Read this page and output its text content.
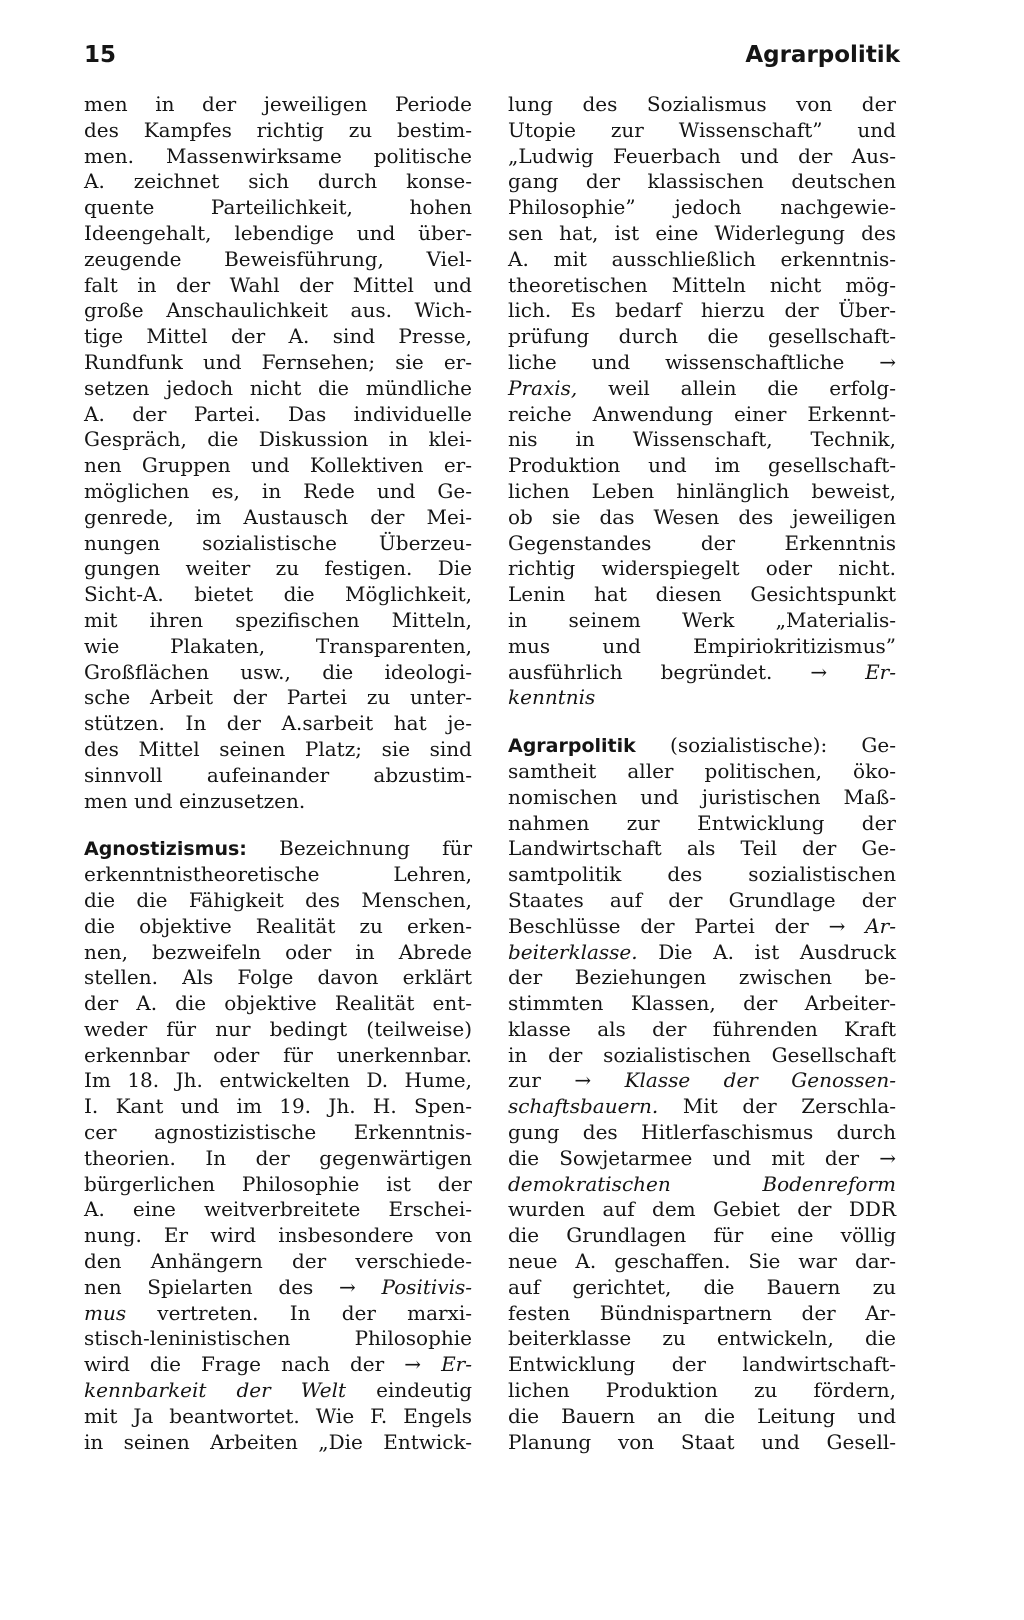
15	Agrarpolitik
men in der jeweiligen Periode
des Kampfes richtig zu bestim-
men. Massenwirksame politische
A. zeichnet sich durch konse-
quente Parteilichkeit, hohen
Ideengehalt, lebendige und über-
zeugende Beweisführung, Viel-
falt in der Wahl der Mittel und
große Anschaulichkeit aus. Wich-
tige Mittel der A. sind Presse,
Rundfunk und Fernsehen; sie er-
setzen jedoch nicht die mündliche
A. der Partei. Das individuelle
Gespräch, die Diskussion in klei-
nen Gruppen und Kollektiven er-
möglichen es, in Rede und Ge-
genrede, im Austausch der Mei-
nungen sozialistische Überzeu-
gungen weiter zu festigen. Die
Sicht-A. bietet die Möglichkeit,
mit ihren spezifischen Mitteln,
wie Plakaten, Transparenten,
Großflächen usw., die ideologi-
sche Arbeit der Partei zu unter-
stützen. In der A.sarbeit hat je-
des Mittel seinen Platz; sie sind
sinnvoll aufeinander abzustim-
men und einzusetzen.
Agnostizismus: Bezeichnung für
erkenntnistheoretische Lehren,
die die Fähigkeit des Menschen,
die objektive Realität zu erken-
nen, bezweifeln oder in Abrede
stellen. Als Folge davon erklärt
der A. die objektive Realität ent-
weder für nur bedingt (teilweise)
erkennbar oder für unerkennbar.
Im 18. Jh. entwickelten D. Hume,
I. Kant und im 19. Jh. H. Spen-
cer agnostizistische Erkenntnis-
theorien. In der gegenwärtigen
bürgerlichen Philosophie ist der
A. eine weitverbreitete Erschei-
nung. Er wird insbesondere von
den Anhängern der verschiede-
nen Spielarten des → Positivis-
mus vertreten. In der marxi-
stisch-leninistischen Philosophie
wird die Frage nach der → Er-
kennbarkeit der Welt eindeutig
mit Ja beantwortet. Wie F. Engels
in seinen Arbeiten „Die Entwick-
lung des Sozialismus von der
Utopie zur Wissenschaft” und
„Ludwig Feuerbach und der Aus-
gang der klassischen deutschen
Philosophie” jedoch nachgewie-
sen hat, ist eine Widerlegung des
A. mit ausschließlich erkenntnis-
theoretischen Mitteln nicht mög-
lich. Es bedarf hierzu der Über-
prüfung durch die gesellschaft-
liche und wissenschaftliche →
Praxis, weil allein die erfolg-
reiche Anwendung einer Erkennt-
nis in Wissenschaft, Technik,
Produktion und im gesellschaft-
lichen Leben hinlänglich beweist,
ob sie das Wesen des jeweiligen
Gegenstandes der Erkenntnis
richtig widerspiegelt oder nicht.
Lenin hat diesen Gesichtspunkt
in seinem Werk „Materialis-
mus und Empiriokritizismus”
ausführlich begründet. → Er-
kenntnis
Agrarpolitik (sozialistische): Ge-
samtheit aller politischen, öko-
nomischen und juristischen Maß-
nahmen zur Entwicklung der
Landwirtschaft als Teil der Ge-
samtpolitik des sozialistischen
Staates auf der Grundlage der
Beschlüsse der Partei der → Ar-
beiterklasse. Die A. ist Ausdruck
der Beziehungen zwischen be-
stimmten Klassen, der Arbeiter-
klasse als der führenden Kraft
in der sozialistischen Gesellschaft
zur → Klasse der Genossen-
schaftsbauern. Mit der Zerschla-
gung des Hitlerfaschismus durch
die Sowjetarmee und mit der →
demokratischen Bodenreform
wurden auf dem Gebiet der DDR
die Grundlagen für eine völlig
neue A. geschaffen. Sie war dar-
auf gerichtet, die Bauern zu
festen Bündnispartnern der Ar-
beiterklasse zu entwickeln, die
Entwicklung der landwirtschaft-
lichen Produktion zu fördern,
die Bauern an die Leitung und
Planung von Staat und Gesell-
